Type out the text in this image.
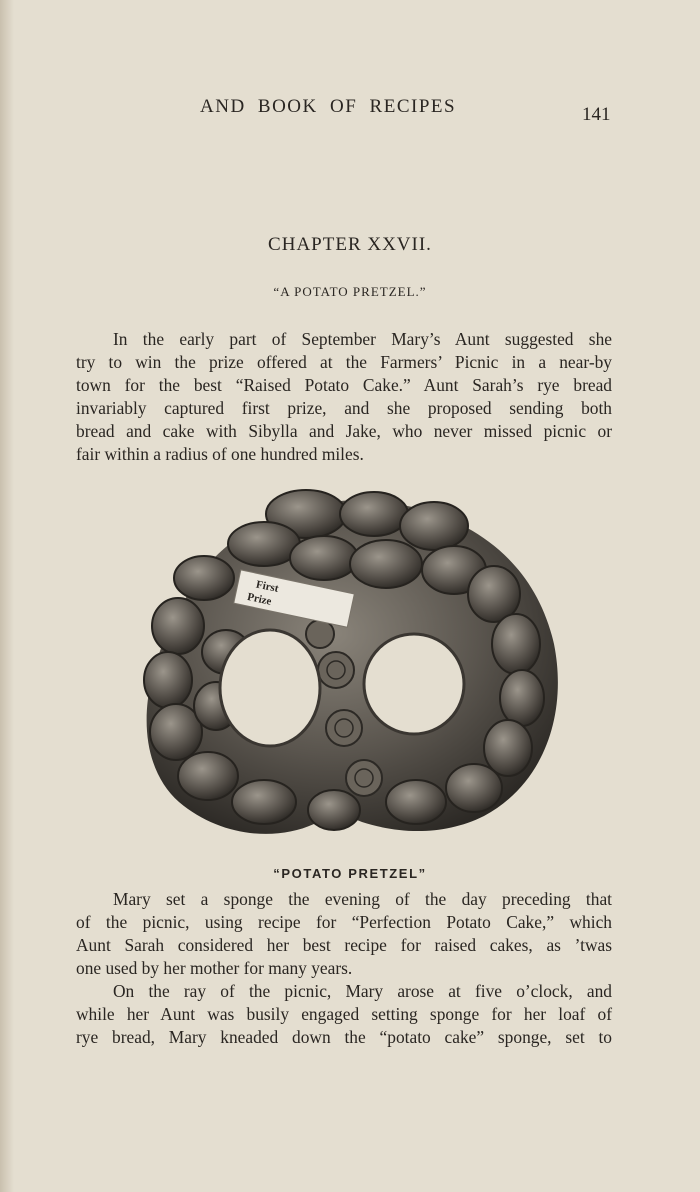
AND BOOK OF RECIPES	141
CHAPTER XXVII.
“A POTATO PRETZEL.”
In the early part of September Mary’s Aunt suggested she
try to win the prize offered at the Farmers’ Picnic in a near-by
town for the best “Raised Potato Cake.” Aunt Sarah’s rye bread
invariably captured first prize, and she proposed sending both
bread and cake with Sibylla and Jake, who never missed picnic or
fair within a radius of one hundred miles.
First
Prize
“POTATO PRETZEL”
Mary set a sponge the evening of the day preceding that
of the picnic, using recipe for “Perfection Potato Cake,” which
Aunt Sarah considered her best recipe for raised cakes, as ’twas
one used by her mother for many years.
On the ray of the picnic, Mary arose at five o’clock, and
while her Aunt was busily engaged setting sponge for her loaf of
rye bread, Mary kneaded down the “potato cake” sponge, set to
